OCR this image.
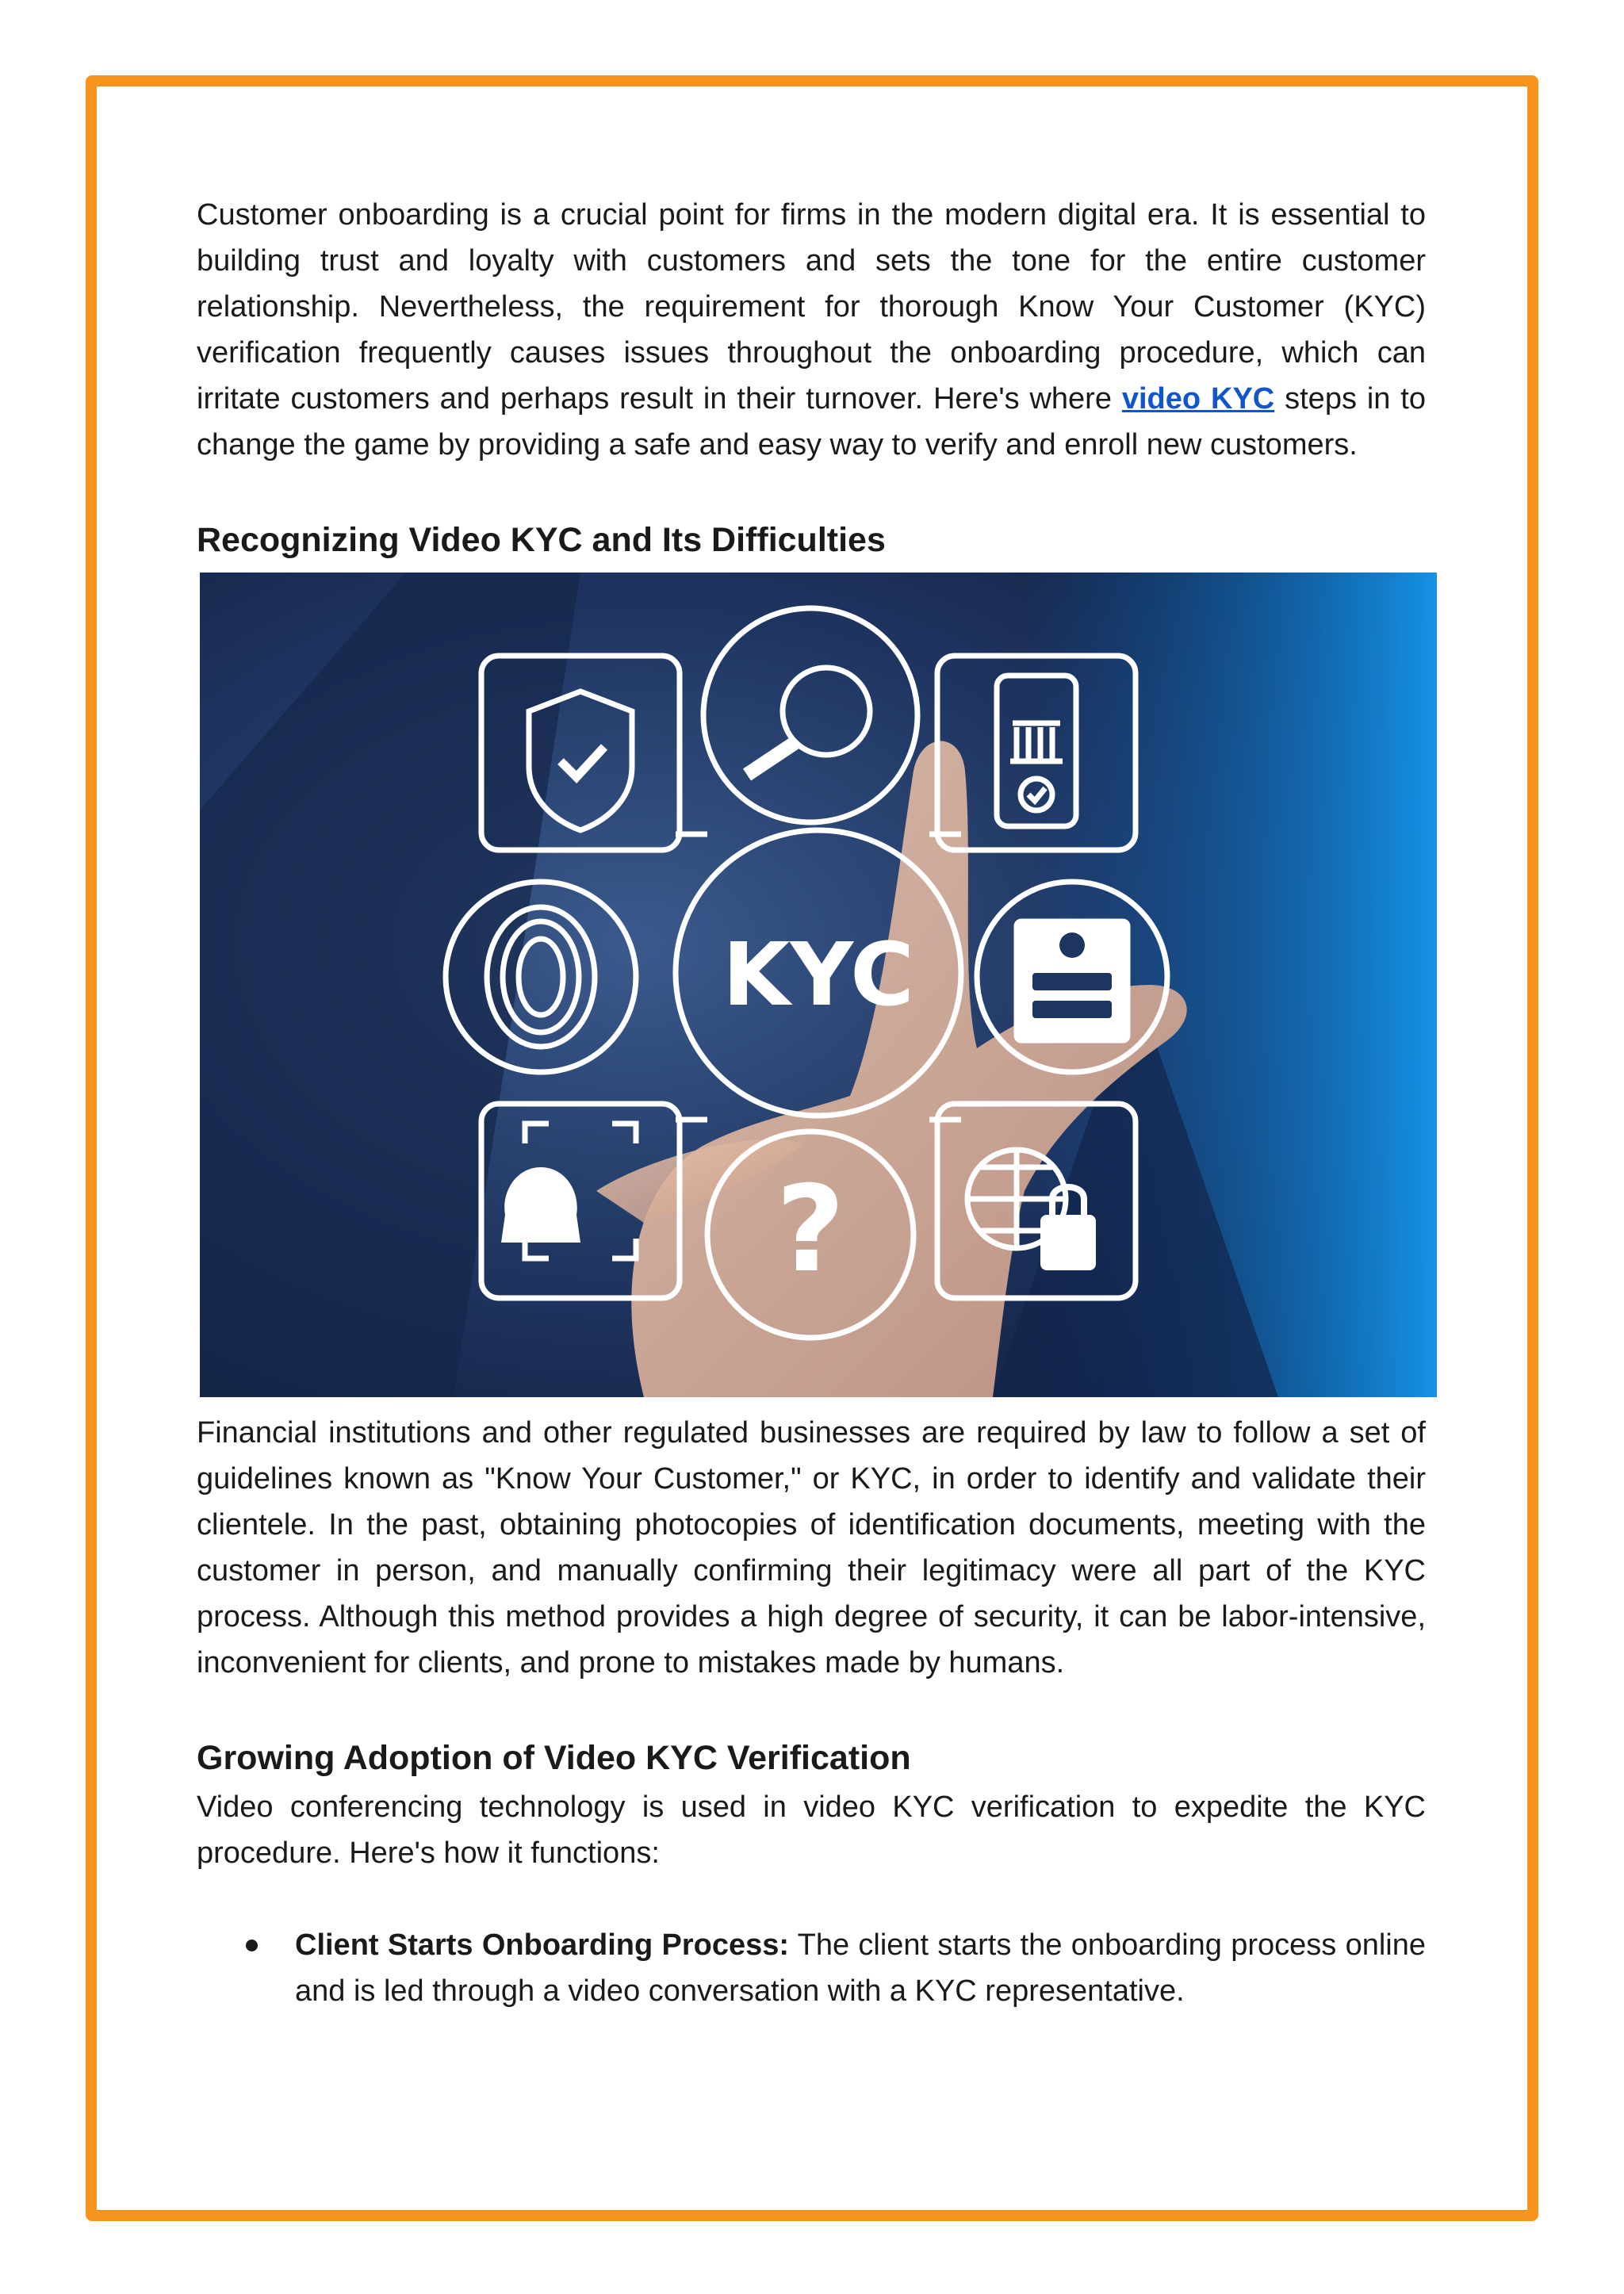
Customer onboarding is a crucial point for firms in the modern digital era. It is essential to building trust and loyalty with customers and sets the tone for the entire customer relationship. Nevertheless, the requirement for thorough Know Your Customer (KYC) verification frequently causes issues throughout the onboarding procedure, which can irritate customers and perhaps result in their turnover. Here's where video KYC steps in to change the game by providing a safe and easy way to verify and enroll new customers.

Recognizing Video KYC and Its Difficulties
?
KYC

Financial institutions and other regulated businesses are required by law to follow a set of guidelines known as "Know Your Customer," or KYC, in order to identify and validate their clientele. In the past, obtaining photocopies of identification documents, meeting with the customer in person, and manually confirming their legitimacy were all part of the KYC process. Although this method provides a high degree of security, it can be labor-intensive, inconvenient for clients, and prone to mistakes made by humans.

Growing Adoption of Video KYC Verification

Video conferencing technology is used in video KYC verification to expedite the KYC procedure. Here's how it functions:

Client Starts Onboarding Process: The client starts the onboarding process online and is led through a video conversation with a KYC representative.
